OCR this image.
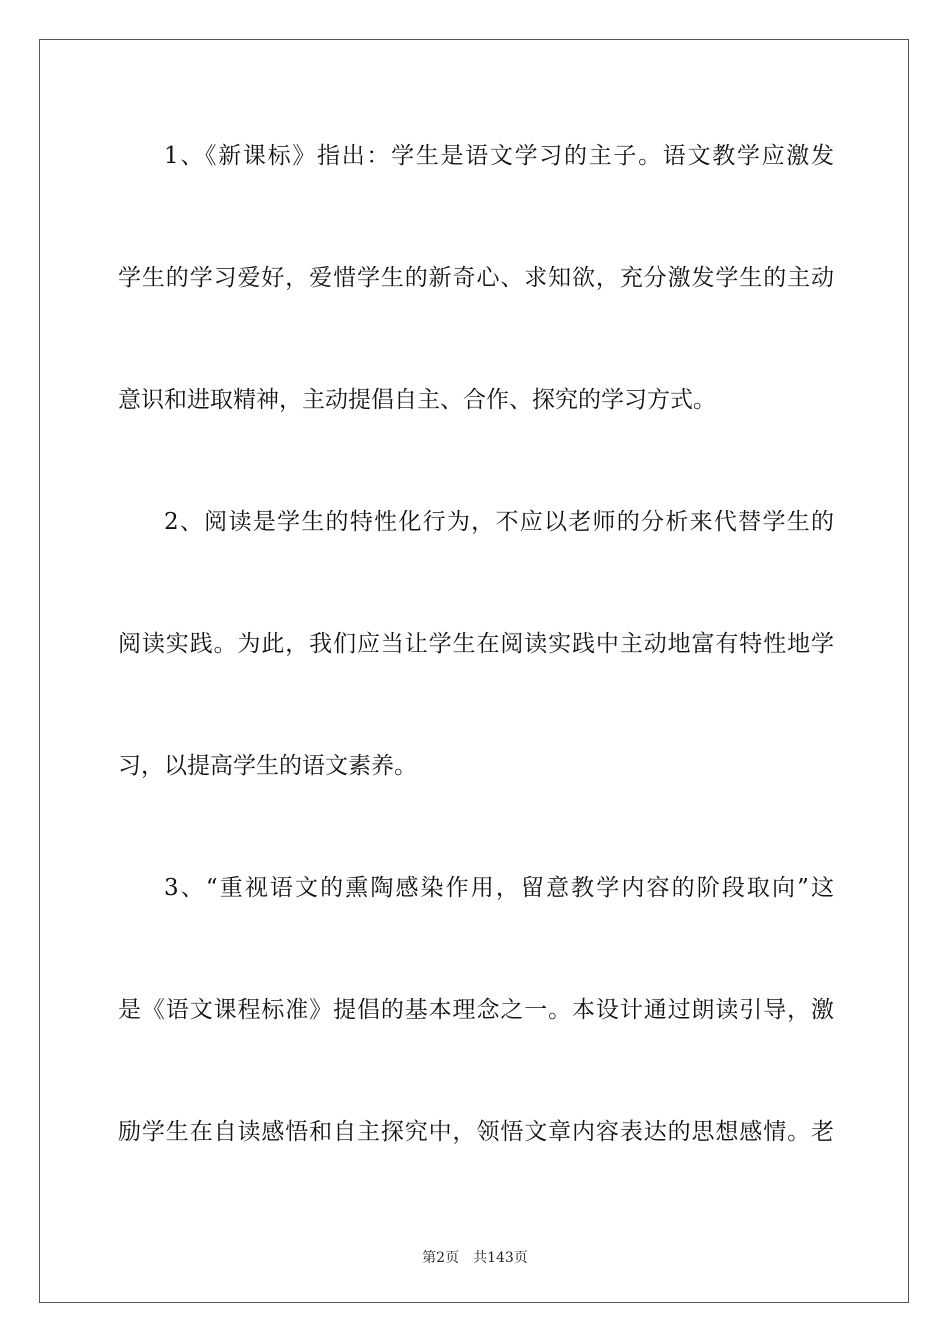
1、《新课标》指出：学生是语文学习的主子。语文教学应激发
学生的学习爱好，爱惜学生的新奇心、求知欲，充分激发学生的主动
意识和进取精神，主动提倡自主、合作、探究的学习方式。
2、阅读是学生的特性化行为，不应以老师的分析来代替学生的
阅读实践。为此，我们应当让学生在阅读实践中主动地富有特性地学
习，以提高学生的语文素养。
3、“重视语文的熏陶感染作用，留意教学内容的阶段取向”这
是《语文课程标准》提倡的基本理念之一。本设计通过朗读引导，激
励学生在自读感悟和自主探究中，领悟文章内容表达的思想感情。老
第2页 共143页
